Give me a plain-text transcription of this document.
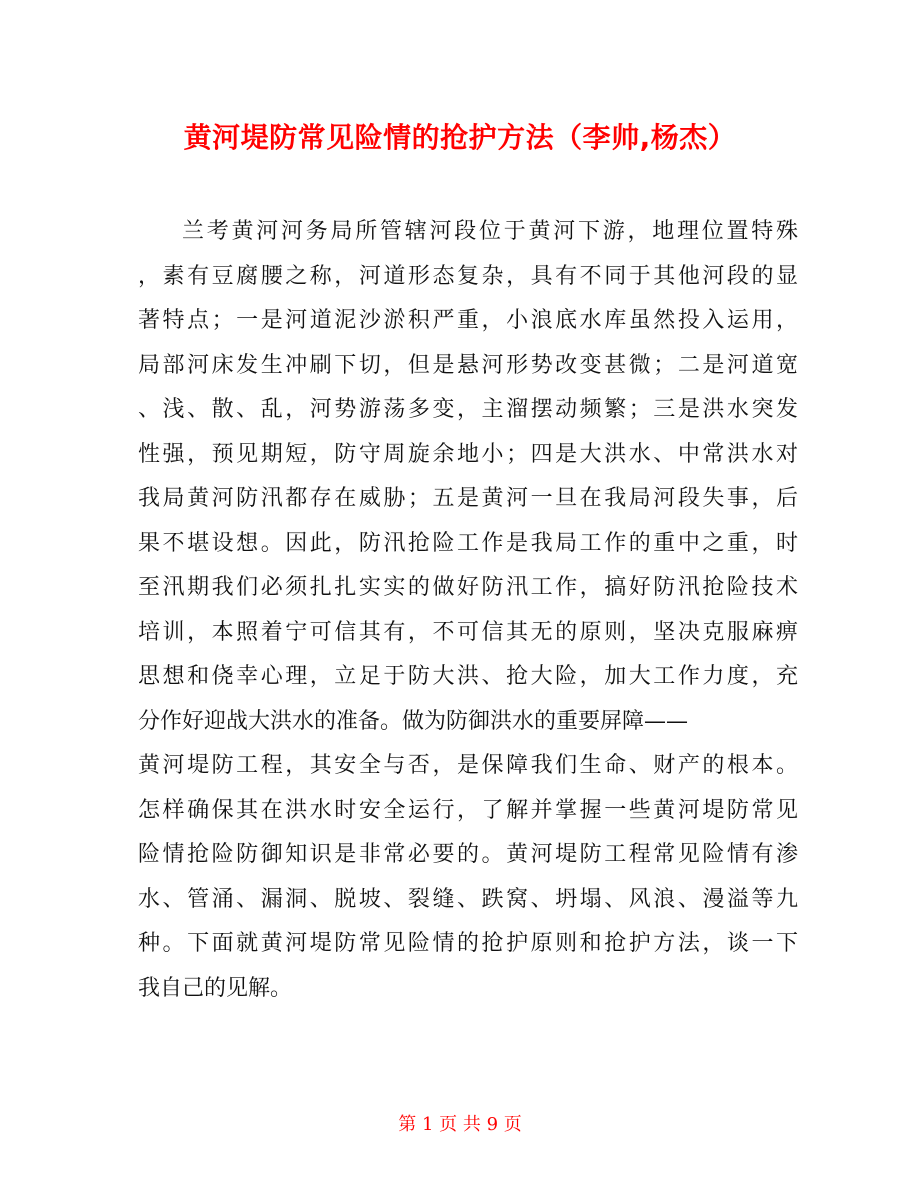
黄河堤防常见险情的抢护方法（李帅,杨杰）
兰考黄河河务局所管辖河段位于黄河下游，地理位置特殊
，素有豆腐腰之称，河道形态复杂，具有不同于其他河段的显
著特点；一是河道泥沙淤积严重，小浪底水库虽然投入运用，
局部河床发生冲刷下切，但是悬河形势改变甚微；二是河道宽
、浅、散、乱，河势游荡多变，主溜摆动频繁；三是洪水突发
性强，预见期短，防守周旋余地小；四是大洪水、中常洪水对
我局黄河防汛都存在威胁；五是黄河一旦在我局河段失事，后
果不堪设想。因此，防汛抢险工作是我局工作的重中之重，时
至汛期我们必须扎扎实实的做好防汛工作，搞好防汛抢险技术
培训，本照着宁可信其有，不可信其无的原则，坚决克服麻痹
思想和侥幸心理，立足于防大洪、抢大险，加大工作力度，充
分作好迎战大洪水的准备。做为防御洪水的重要屏障——
黄河堤防工程，其安全与否，是保障我们生命、财产的根本。
怎样确保其在洪水时安全运行，了解并掌握一些黄河堤防常见
险情抢险防御知识是非常必要的。黄河堤防工程常见险情有渗
水、管涌、漏洞、脱坡、裂缝、跌窝、坍塌、风浪、漫溢等九
种。下面就黄河堤防常见险情的抢护原则和抢护方法，谈一下
我自己的见解。
第 1 页 共 9 页
